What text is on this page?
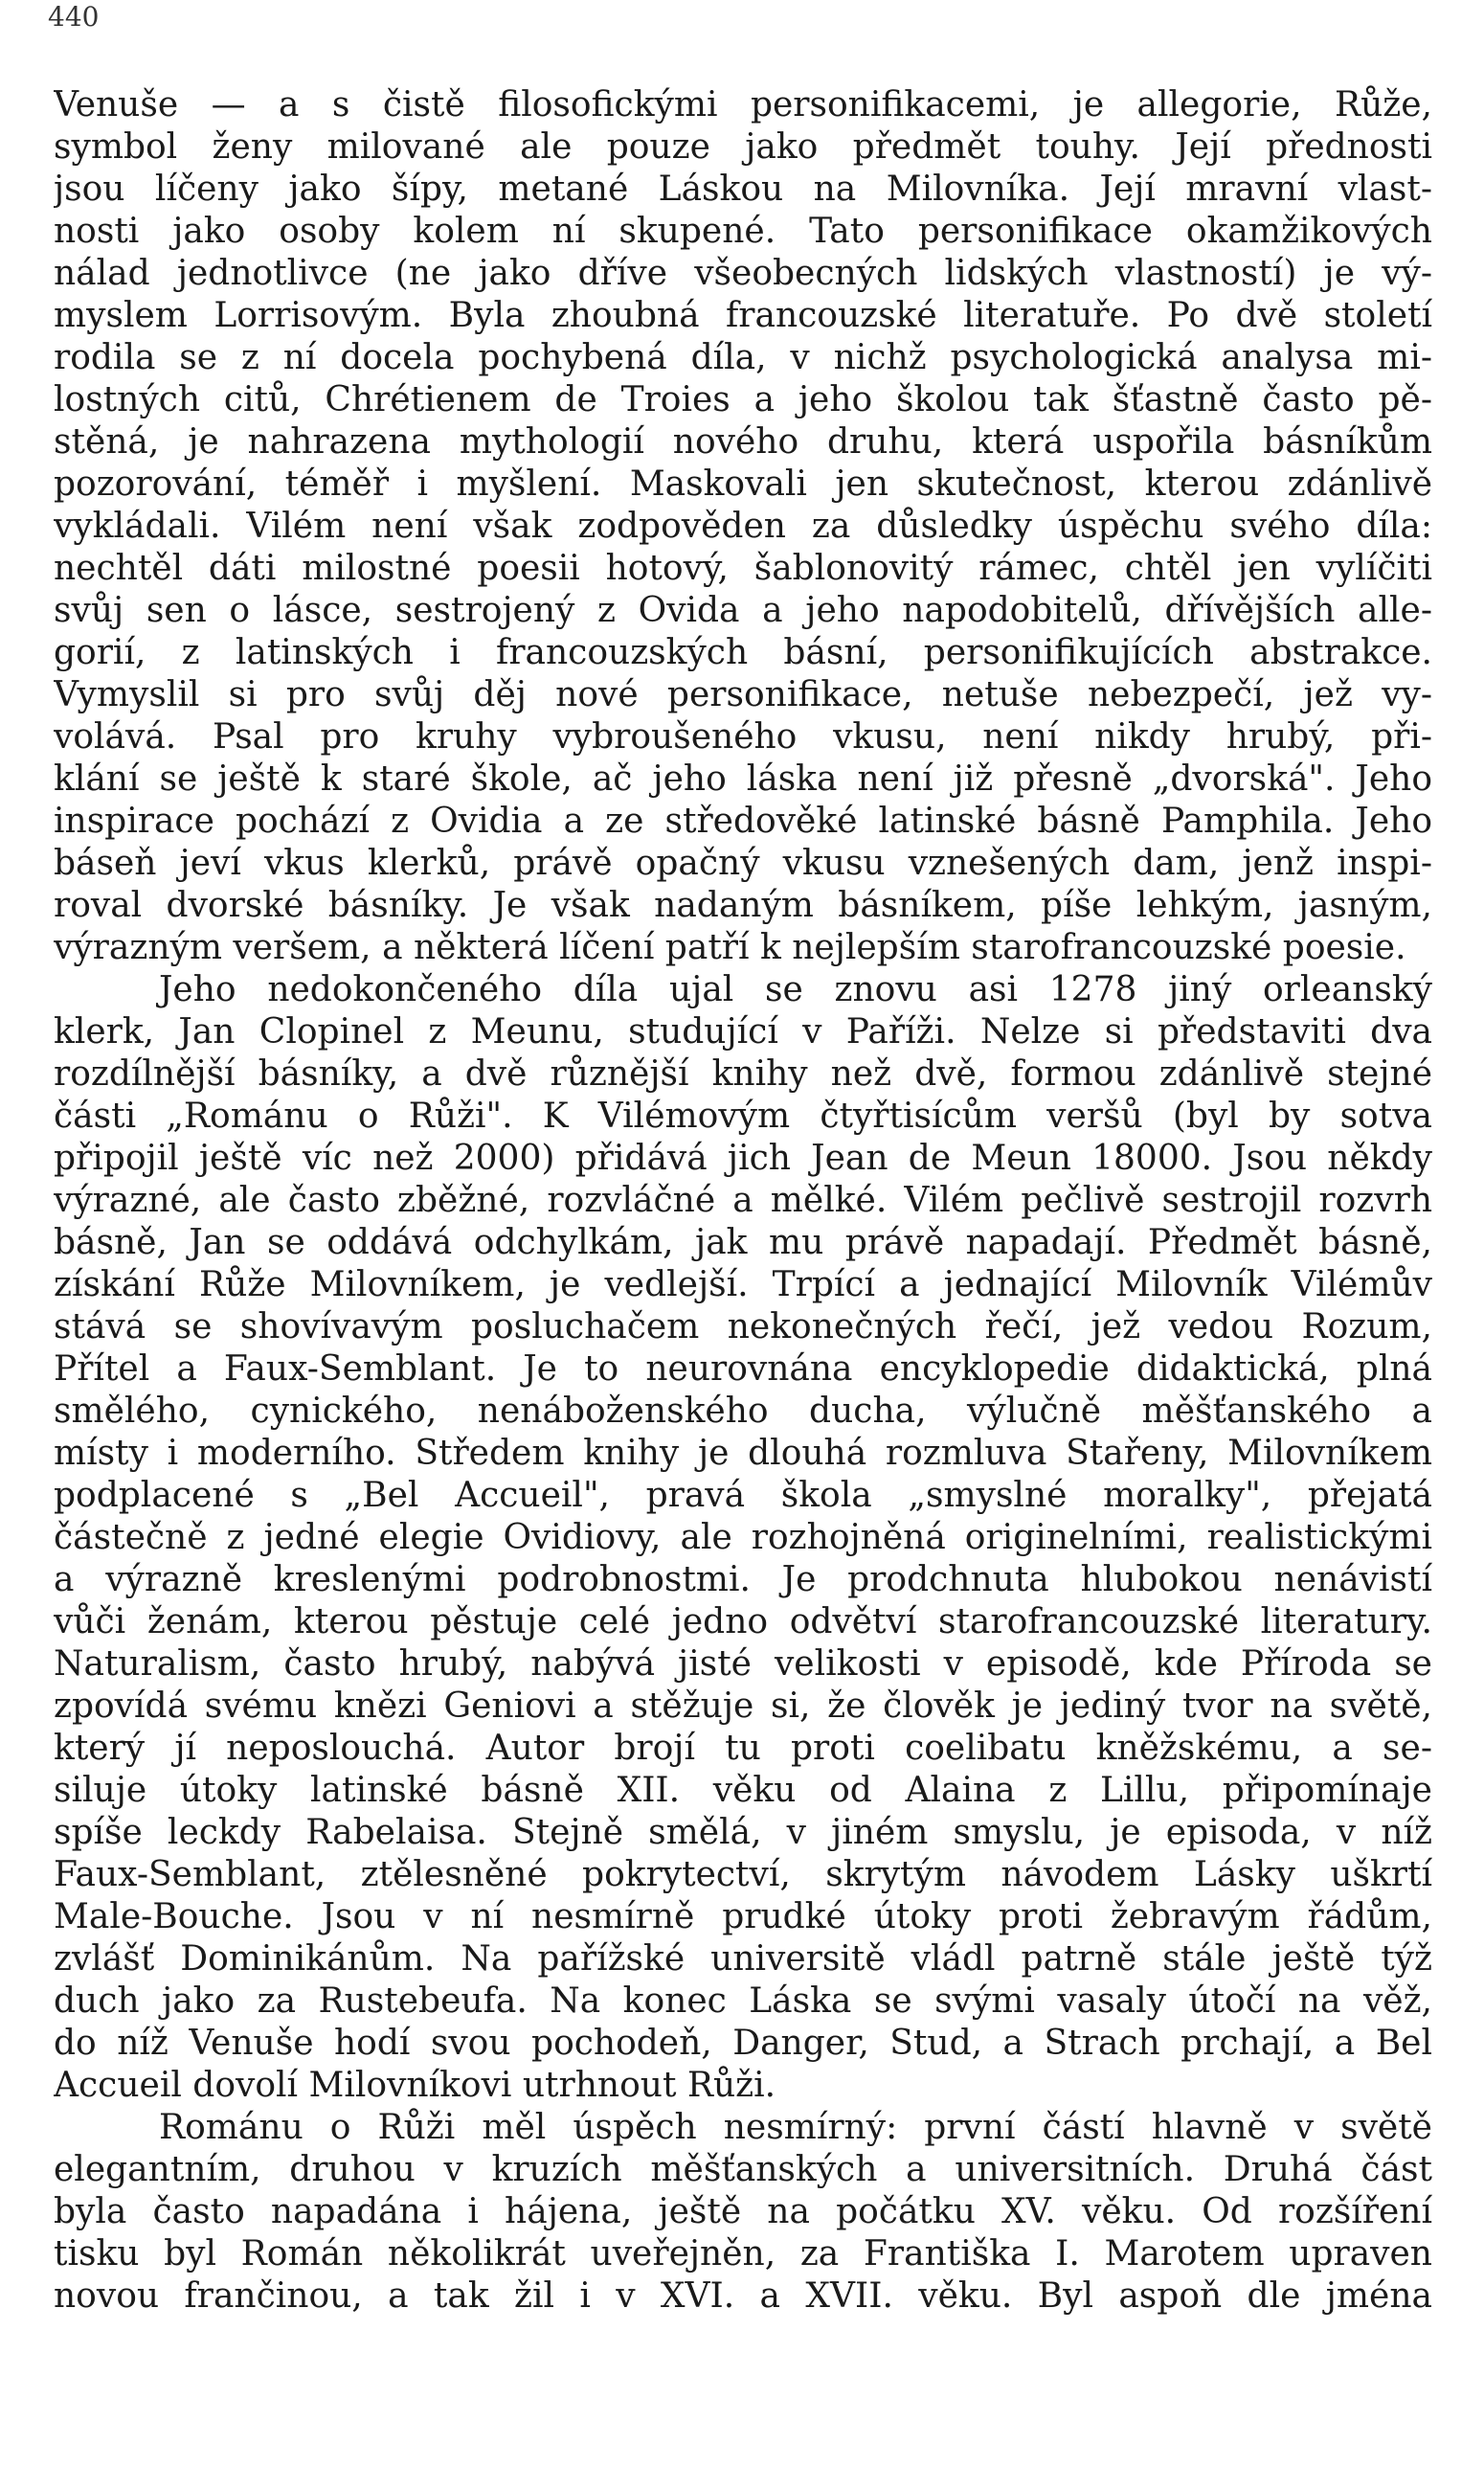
440
Venuše — a s čistě filosofickými personifikacemi, je allegorie, Růže,
symbol ženy milované ale pouze jako předmět touhy. Její přednosti
jsou líčeny jako šípy, metané Láskou na Milovníka. Její mravní vlast-
nosti jako osoby kolem ní skupené. Tato personifikace okamžikových
nálad jednotlivce (ne jako dříve všeobecných lidských vlastností) je vý-
myslem Lorrisovým. Byla zhoubná francouzské literatuře. Po dvě století
rodila se z ní docela pochybená díla, v nichž psychologická analysa mi-
lostných citů, Chrétienem de Troies a jeho školou tak šťastně často pě-
stěná, je nahrazena mythologií nového druhu, která uspořila básníkům
pozorování, téměř i myšlení. Maskovali jen skutečnost, kterou zdánlivě
vykládali. Vilém není však zodpověden za důsledky úspěchu svého díla:
nechtěl dáti milostné poesii hotový, šablonovitý rámec, chtěl jen vylíčiti
svůj sen o lásce, sestrojený z Ovida a jeho napodobitelů, dřívějších alle-
gorií, z latinských i francouzských básní, personifikujících abstrakce.
Vymyslil si pro svůj děj nové personifikace, netuše nebezpečí, jež vy-
volává. Psal pro kruhy vybroušeného vkusu, není nikdy hrubý, při-
klání se ještě k staré škole, ač jeho láska není již přesně „dvorská". Jeho
inspirace pochází z Ovidia a ze středověké latinské básně Pamphila. Jeho
báseň jeví vkus klerků, právě opačný vkusu vznešených dam, jenž inspi-
roval dvorské básníky. Je však nadaným básníkem, píše lehkým, jasným,
výrazným veršem, a některá líčení patří k nejlepším starofrancouzské poesie.
Jeho nedokončeného díla ujal se znovu asi 1278 jiný orleanský
klerk, Jan Clopinel z Meunu, studující v Paříži. Nelze si představiti dva
rozdílnější básníky, a dvě různější knihy než dvě, formou zdánlivě stejné
části „Románu o Růži". K Vilémovým čtyřtisícům veršů (byl by sotva
připojil ještě víc než 2000) přidává jich Jean de Meun 18000. Jsou někdy
výrazné, ale často zběžné, rozvláčné a mělké. Vilém pečlivě sestrojil rozvrh
básně, Jan se oddává odchylkám, jak mu právě napadají. Předmět básně,
získání Růže Milovníkem, je vedlejší. Trpící a jednající Milovník Vilémův
stává se shovívavým posluchačem nekonečných řečí, jež vedou Rozum,
Přítel a Faux-Semblant. Je to neurovnána encyklopedie didaktická, plná
smělého, cynického, nenáboženského ducha, výlučně měšťanského a
místy i moderního. Středem knihy je dlouhá rozmluva Stařeny, Milovníkem
podplacené s „Bel Accueil", pravá škola „smyslné moralky", přejatá
částečně z jedné elegie Ovidiovy, ale rozhojněná originelními, realistickými
a výrazně kreslenými podrobnostmi. Je prodchnuta hlubokou nenávistí
vůči ženám, kterou pěstuje celé jedno odvětví starofrancouzské literatury.
Naturalism, často hrubý, nabývá jisté velikosti v episodě, kde Příroda se
zpovídá svému knězi Geniovi a stěžuje si, že člověk je jediný tvor na světě,
který jí neposlouchá. Autor brojí tu proti coelibatu kněžskému, a se-
siluje útoky latinské básně XII. věku od Alaina z Lillu, připomínaje
spíše leckdy Rabelaisa. Stejně smělá, v jiném smyslu, je episoda, v níž
Faux-Semblant, ztělesněné pokrytectví, skrytým návodem Lásky uškrtí
Male-Bouche. Jsou v ní nesmírně prudké útoky proti žebravým řádům,
zvlášť Dominikánům. Na pařížské universitě vládl patrně stále ještě týž
duch jako za Rustebeufa. Na konec Láska se svými vasaly útočí na věž,
do níž Venuše hodí svou pochodeň, Danger, Stud, a Strach prchají, a Bel
Accueil dovolí Milovníkovi utrhnout Růži.
Románu o Růži měl úspěch nesmírný: první částí hlavně v světě
elegantním, druhou v kruzích měšťanských a universitních. Druhá část
byla často napadána i hájena, ještě na počátku XV. věku. Od rozšíření
tisku byl Román několikrát uveřejněn, za Františka I. Marotem upraven
novou frančinou, a tak žil i v XVI. a XVII. věku. Byl aspoň dle jména
